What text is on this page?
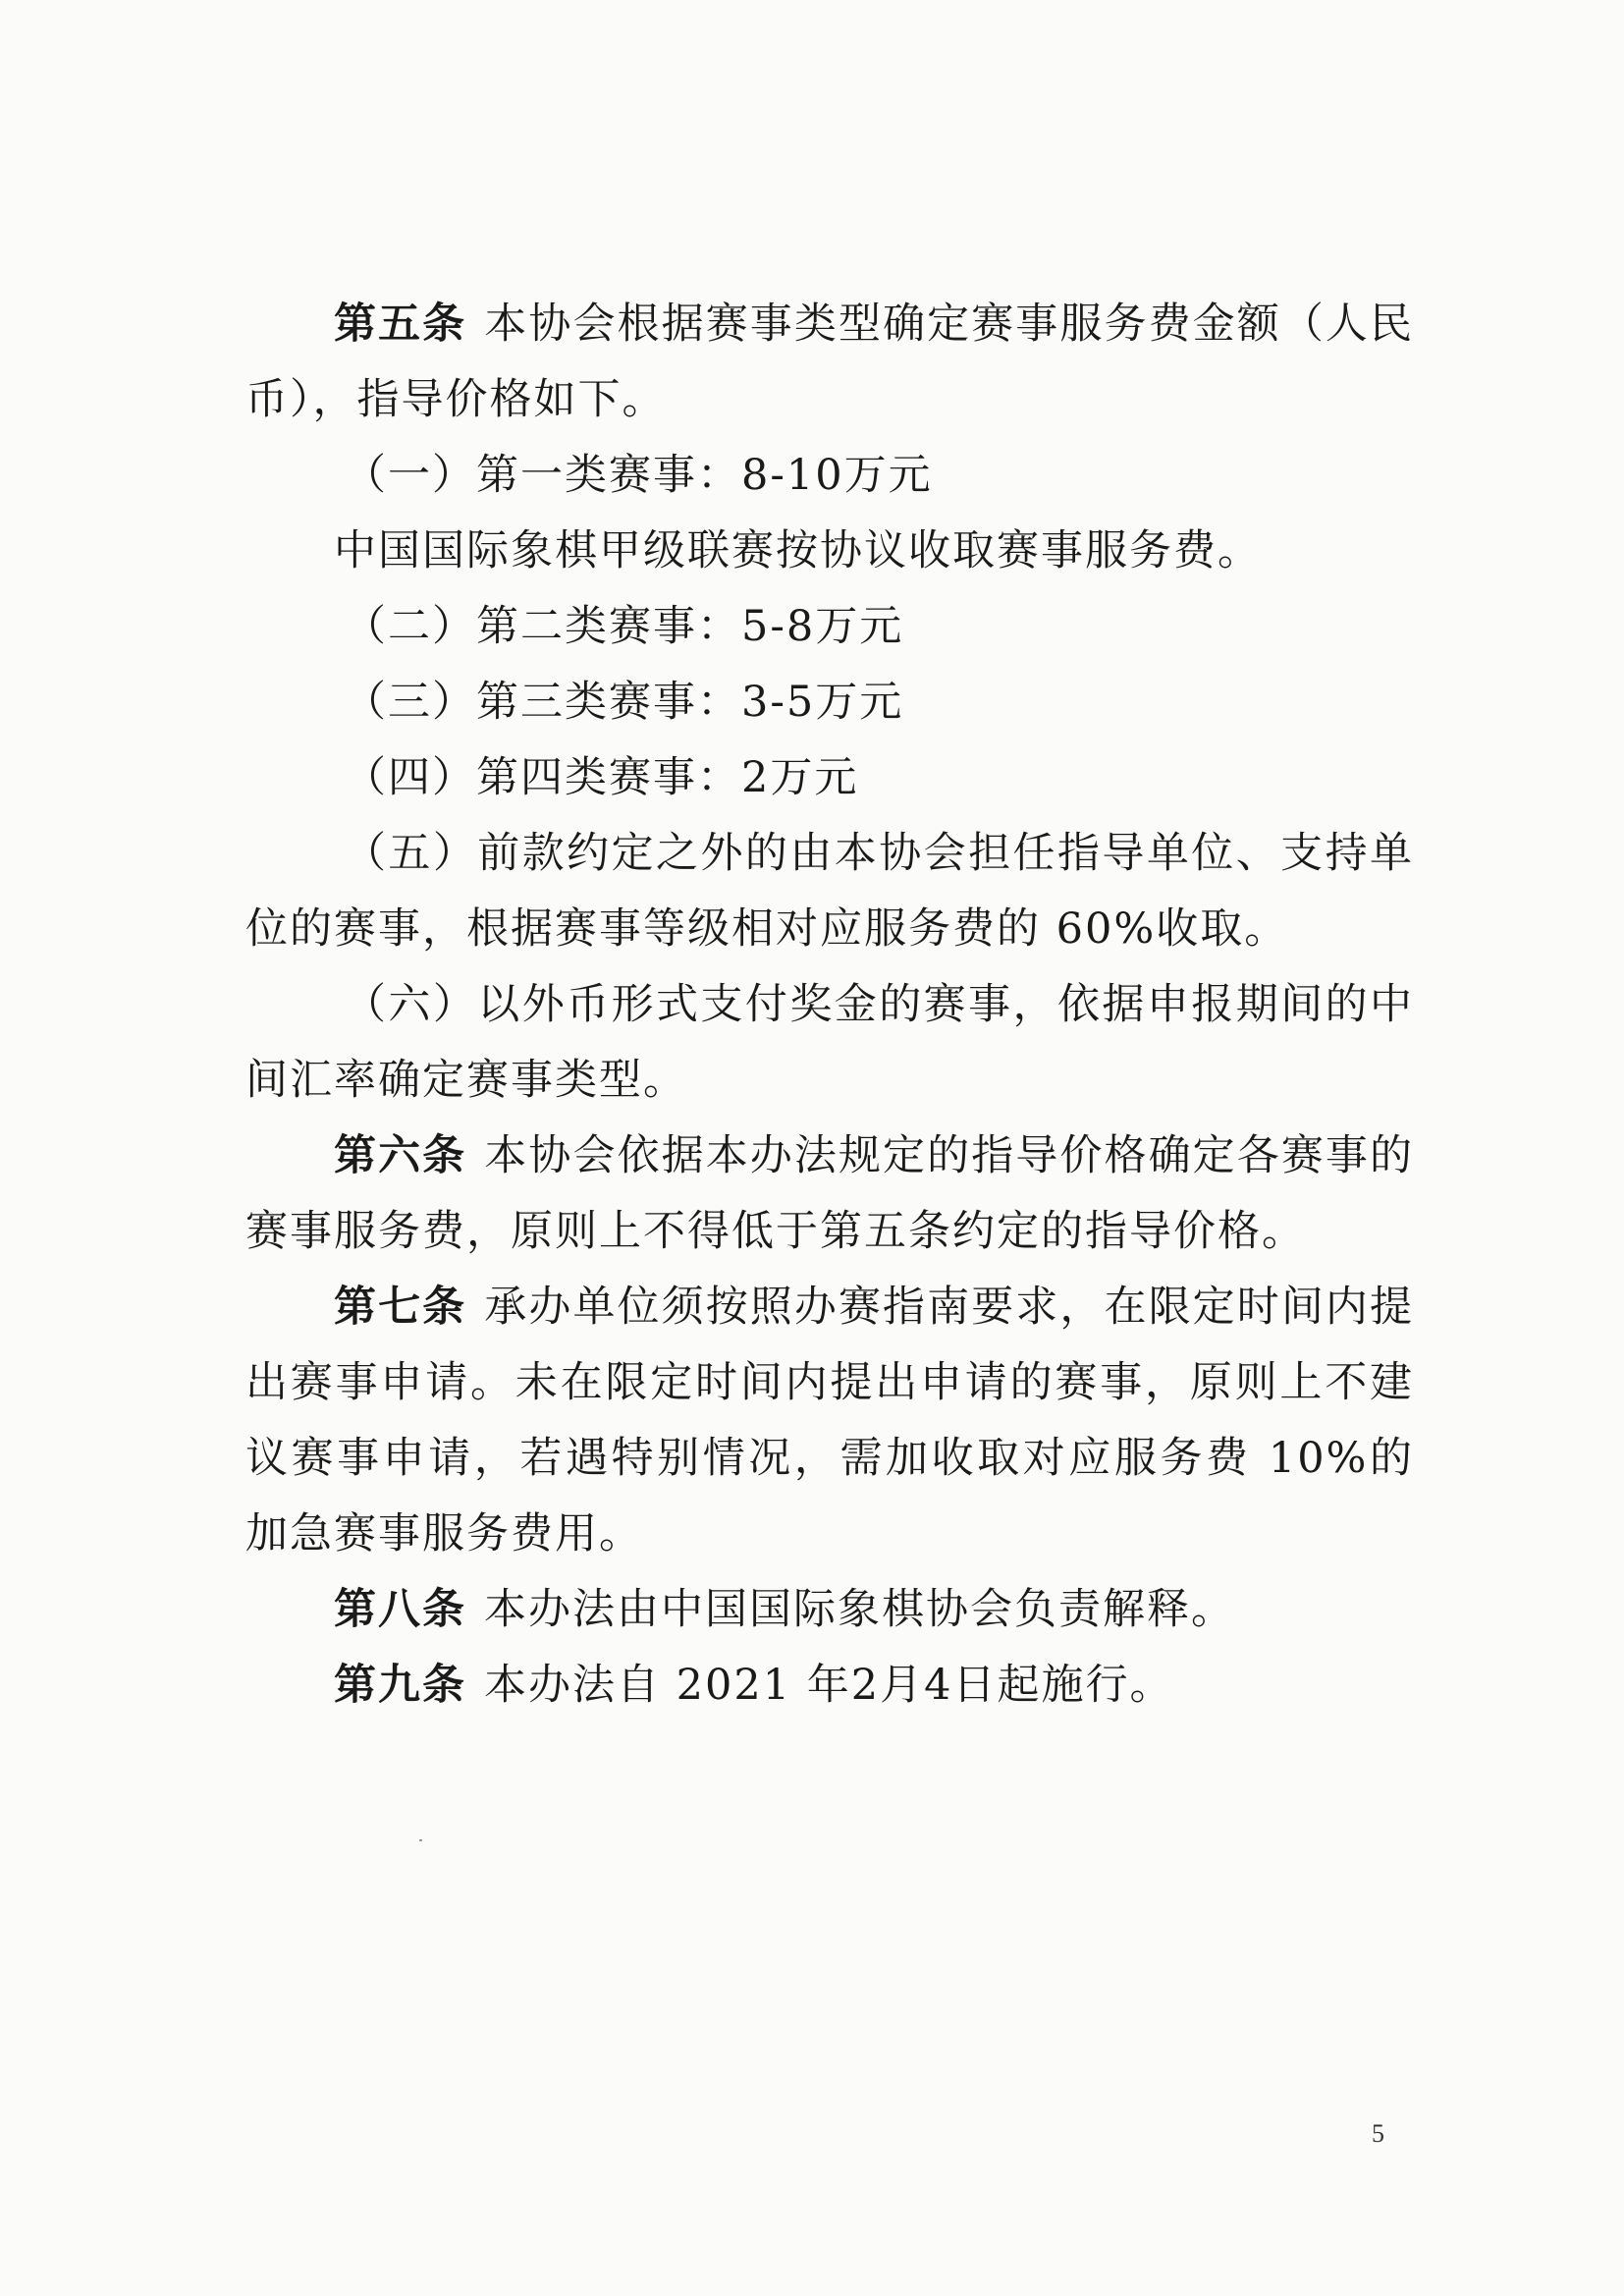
第五条 本协会根据赛事类型确定赛事服务费金额（人民币），指导价格如下。

（一）第一类赛事：8-10万元

中国国际象棋甲级联赛按协议收取赛事服务费。

（二）第二类赛事：5-8万元

（三）第三类赛事：3-5万元

（四）第四类赛事：2万元

（五）前款约定之外的由本协会担任指导单位、支持单位的赛事，根据赛事等级相对应服务费的 60%收取。

（六）以外币形式支付奖金的赛事，依据申报期间的中间汇率确定赛事类型。

第六条 本协会依据本办法规定的指导价格确定各赛事的赛事服务费，原则上不得低于第五条约定的指导价格。

第七条 承办单位须按照办赛指南要求，在限定时间内提出赛事申请。未在限定时间内提出申请的赛事，原则上不建议赛事申请，若遇特别情况，需加收取对应服务费 10%的加急赛事服务费用。

第八条 本办法由中国国际象棋协会负责解释。

第九条 本办法自 2021 年2月4日起施行。

5
